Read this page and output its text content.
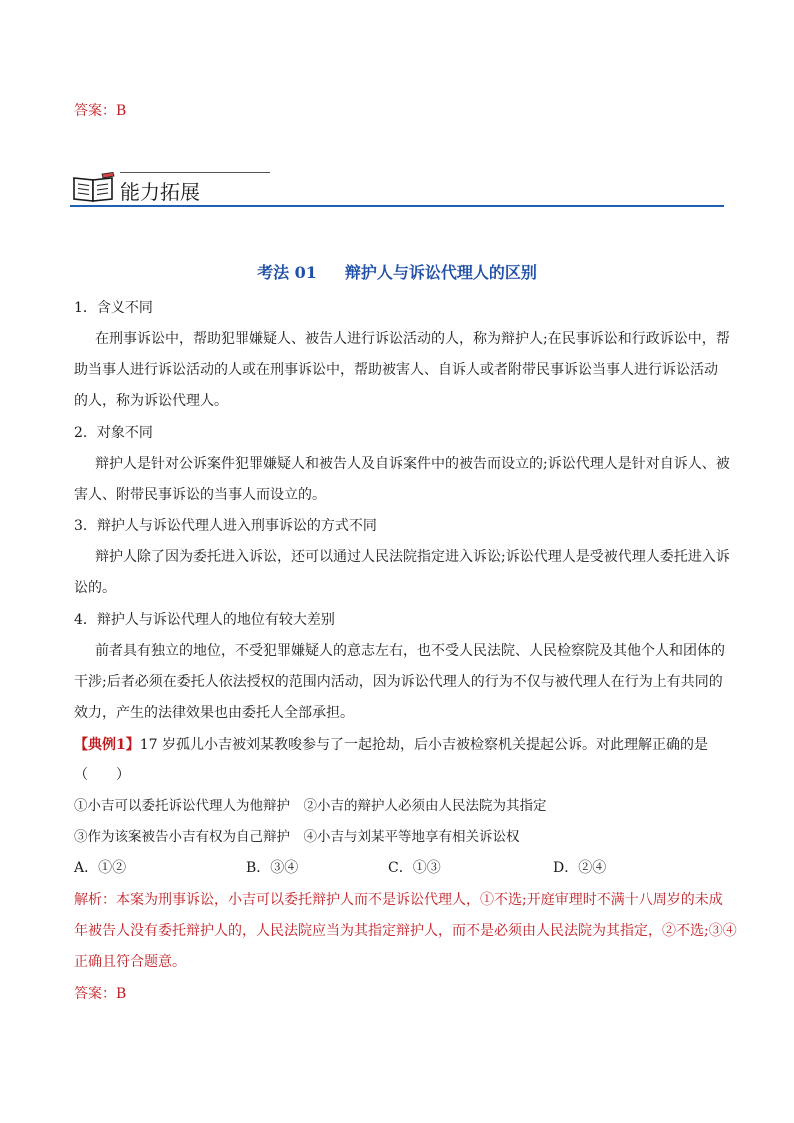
答案：B
能力拓展
考法 01 辩护人与诉讼代理人的区别
1．含义不同
在刑事诉讼中，帮助犯罪嫌疑人、被告人进行诉讼活动的人，称为辩护人;在民事诉讼和行政诉讼中，帮
助当事人进行诉讼活动的人或在刑事诉讼中，帮助被害人、自诉人或者附带民事诉讼当事人进行诉讼活动
的人，称为诉讼代理人。
2．对象不同
辩护人是针对公诉案件犯罪嫌疑人和被告人及自诉案件中的被告而设立的;诉讼代理人是针对自诉人、被
害人、附带民事诉讼的当事人而设立的。
3．辩护人与诉讼代理人进入刑事诉讼的方式不同
辩护人除了因为委托进入诉讼，还可以通过人民法院指定进入诉讼;诉讼代理人是受被代理人委托进入诉
讼的。
4．辩护人与诉讼代理人的地位有较大差别
前者具有独立的地位，不受犯罪嫌疑人的意志左右，也不受人民法院、人民检察院及其他个人和团体的
干涉;后者必须在委托人依法授权的范围内活动，因为诉讼代理人的行为不仅与被代理人在行为上有共同的
效力，产生的法律效果也由委托人全部承担。
【典例1】17 岁孤儿小吉被刘某教唆参与了一起抢劫，后小吉被检察机关提起公诉。对此理解正确的是
（　　）
①小吉可以委托诉讼代理人为他辩护　②小吉的辩护人必须由人民法院为其指定
③作为该案被告小吉有权为自己辩护　④小吉与刘某平等地享有相关诉讼权
A．①②	B．③④	C．①③	D．②④
解析：本案为刑事诉讼，小吉可以委托辩护人而不是诉讼代理人，①不选;开庭审理时不满十八周岁的未成
年被告人没有委托辩护人的，人民法院应当为其指定辩护人，而不是必须由人民法院为其指定，②不选;③④
正确且符合题意。
答案：B
